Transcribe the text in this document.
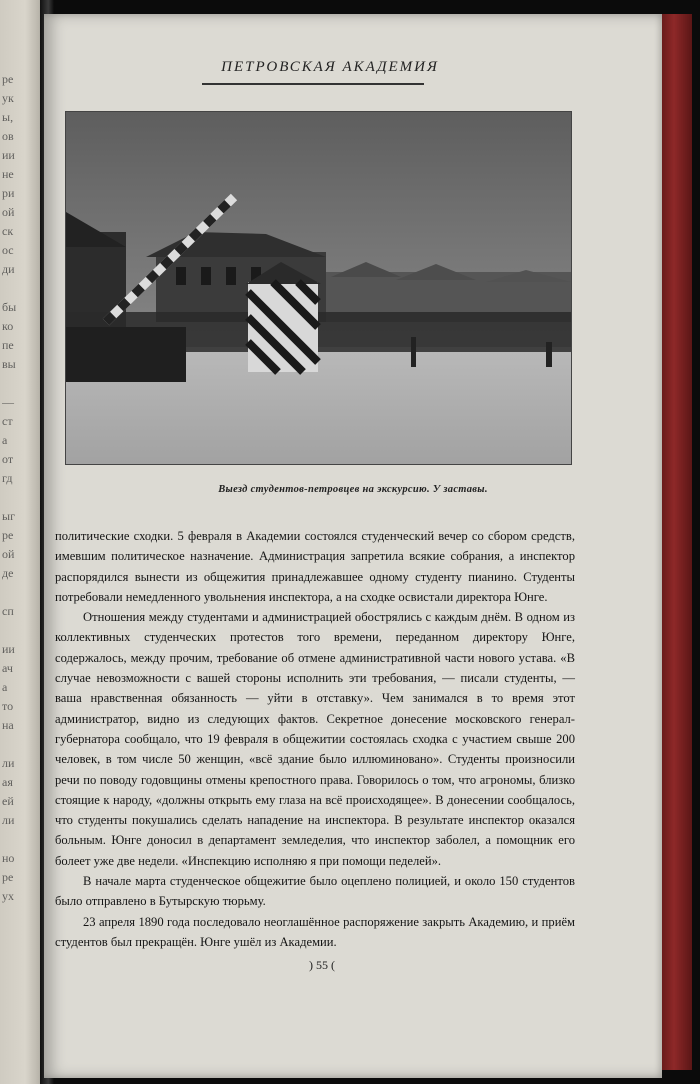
ре
ук
ы,
ов
ии
не
ри
ой
ск
ос
ди

бы
ко
пе
вы

—
ст
а
от
гд

ыг
ре
ой
де

сп

ии
ач
а
то
на

ли
ая
ей
ли

но
ре
ух
ПЕТРОВСКАЯ АКАДЕМИЯ
Выезд студентов-петровцев на экскурсию. У заставы.

политические сходки. 5 февраля в Академии состоялся студенческий вечер со сбором средств, имевшим политическое назначение. Администрация запретила всякие собрания, а инспектор распорядился вынести из общежития принадлежавшее одному студенту пианино. Студенты потребовали немедленного увольнения инспектора, а на сходке освистали директора Юнге.

Отношения между студентами и администрацией обострялись с каждым днём. В одном из коллективных студенческих протестов того времени, переданном директору Юнге, содержалось, между прочим, требование об отмене административной части нового устава. «В случае невозможности с вашей стороны исполнить эти требования, — писали студенты, — ваша нравственная обязанность — уйти в отставку». Чем занимался в то время этот администратор, видно из следующих фактов. Секретное донесение московского генерал-губернатора сообщало, что 19 февраля в общежитии состоялась сходка с участием свыше 200 человек, в том числе 50 женщин, «всё здание было иллюминовано». Студенты произносили речи по поводу годовщины отмены крепостного права. Говорилось о том, что агрономы, близко стоящие к народу, «должны открыть ему глаза на всё происходящее». В донесении сообщалось, что студенты покушались сделать нападение на инспектора. В результате инспектор оказался больным. Юнге доносил в департамент земледелия, что инспектор заболел, а помощник его болеет уже две недели. «Инспекцию исполняю я при помощи педелей».

В начале марта студенческое общежитие было оцеплено полицией, и около 150 студентов было отправлено в Бутырскую тюрьму.

23 апреля 1890 года последовало неоглашённое распоряжение закрыть Академию, и приём студентов был прекращён. Юнге ушёл из Академии.

) 55 (
